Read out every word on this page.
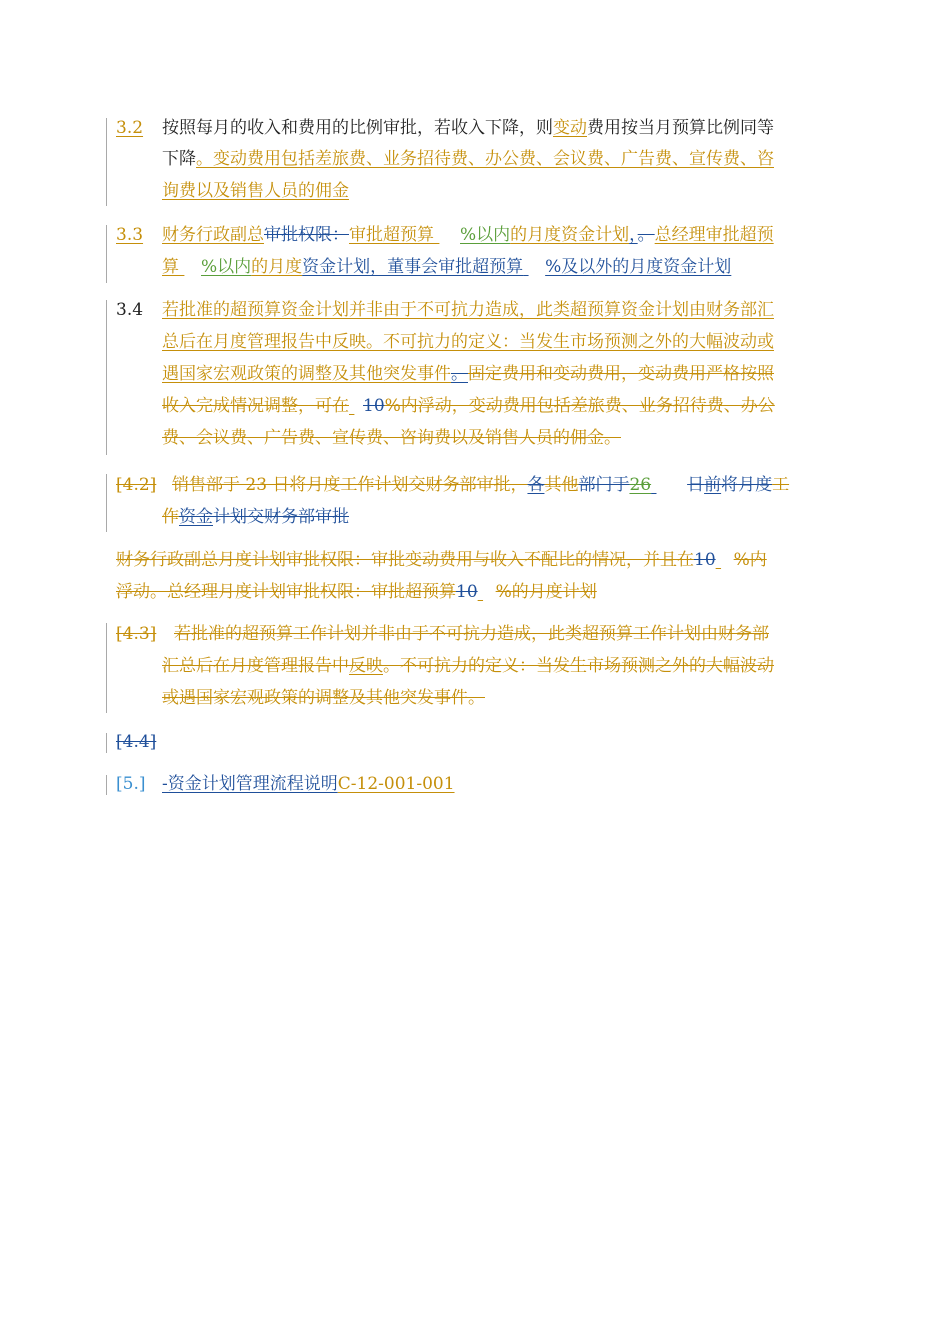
3.2 按照每月的收入和费用的比例审批，若收入下降，则变动费用按当月预算比例同等
下降。变动费用包括差旅费、业务招待费、办公费、会议费、广告费、宣传费、咨
询费以及销售人员的佣金
3.3 财务行政副总审批权限：审批超预算 %以内的月度资金计划，。总经理审批超预
算 %以内的月度资金计划，董事会审批超预算 %及以外的月度资金计划
3.4 若批准的超预算资金计划并非由于不可抗力造成，此类超预算资金计划由财务部汇
总后在月度管理报告中反映。不可抗力的定义：当发生市场预测之外的大幅波动或
遇国家宏观政策的调整及其他突发事件。固定费用和变动费用，变动费用严格按照
收入完成情况调整，可在 10%内浮动，变动费用包括差旅费、业务招待费、办公
费、会议费、广告费、宣传费、咨询费以及销售人员的佣金。
[4.2] 销售部于 23 日将月度工作计划交财务部审批，各其他部门于26 日前将月度工
作资金计划交财务部审批
财务行政副总月度计划审批权限：审批变动费用与收入不配比的情况，并且在10 %内
浮动。总经理月度计划审批权限：审批超预算10 %的月度计划
[4.3] 若批准的超预算工作计划并非由于不可抗力造成，此类超预算工作计划由财务部
汇总后在月度管理报告中反映。不可抗力的定义：当发生市场预测之外的大幅波动
或遇国家宏观政策的调整及其他突发事件。
[4.4]
[5.] -资金计划管理流程说明C-12-001-001
